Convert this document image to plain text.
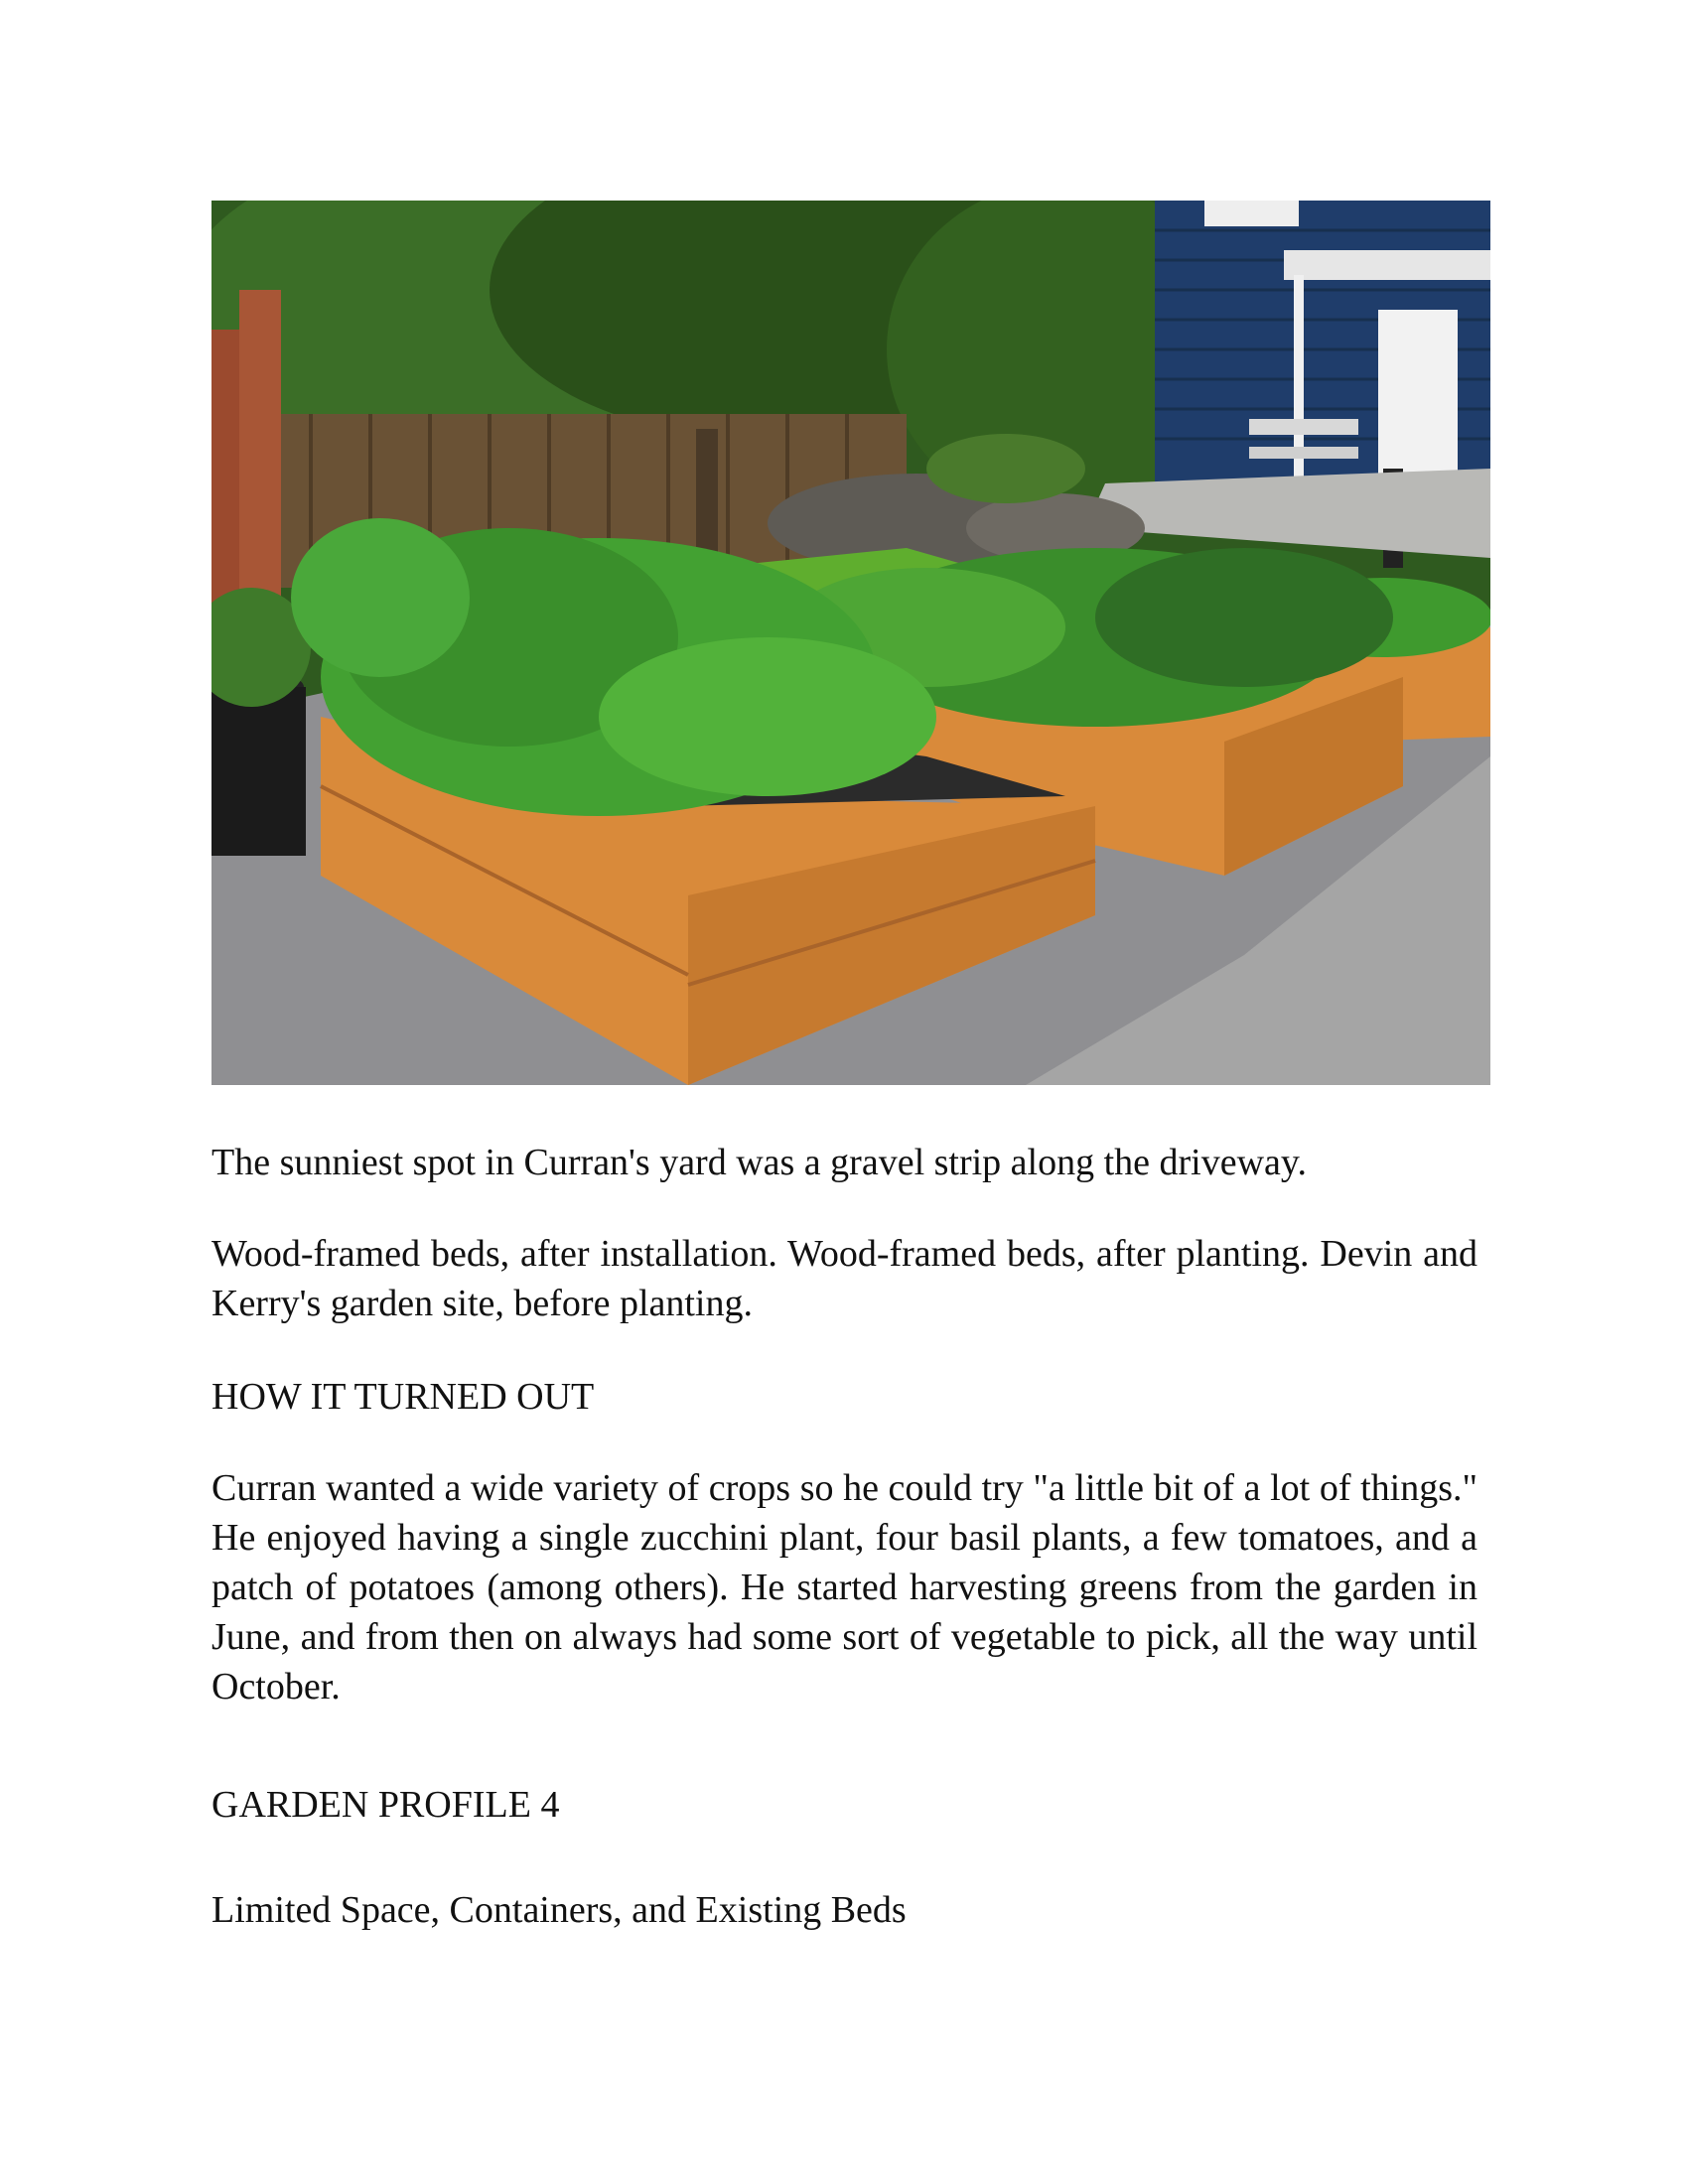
The sunniest spot in Curran's yard was a gravel strip along the driveway.

Wood-framed beds, after installation. Wood-framed beds, after planting. Devin and Kerry's garden site, before planting.

HOW IT TURNED OUT

Curran wanted a wide variety of crops so he could try "a little bit of a lot of things." He enjoyed having a single zucchini plant, four basil plants, a few tomatoes, and a patch of potatoes (among others). He started harvesting greens from the garden in June, and from then on always had some sort of vegetable to pick, all the way until October.

GARDEN PROFILE 4

Limited Space, Containers, and Existing Beds
